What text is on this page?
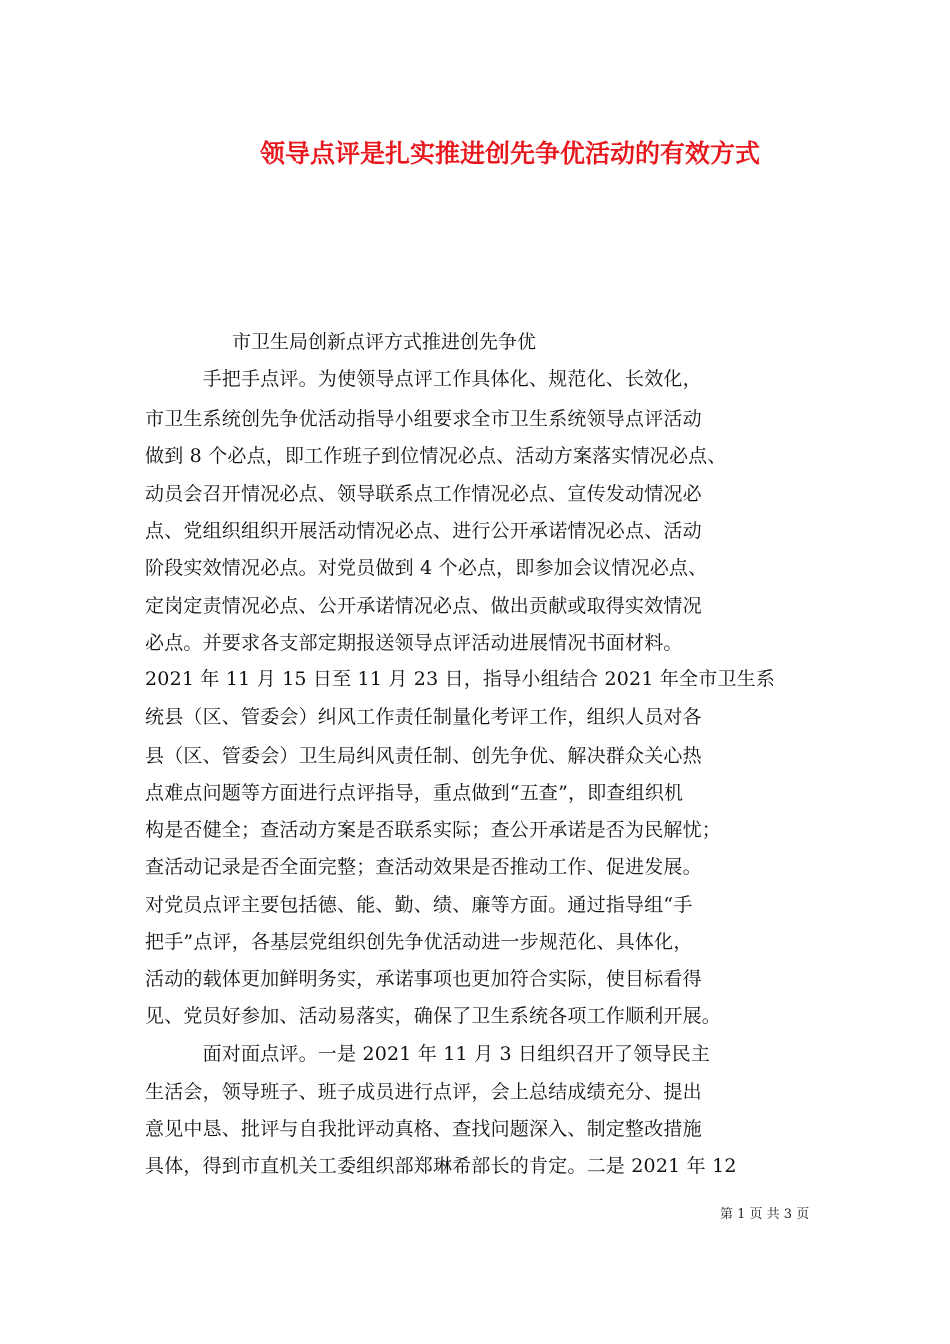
领导点评是扎实推进创先争优活动的有效方式
市卫生局创新点评方式推进创先争优
　　　手把手点评。为使领导点评工作具体化、规范化、长效化，
市卫生系统创先争优活动指导小组要求全市卫生系统领导点评活动
做到 8 个必点，即工作班子到位情况必点、活动方案落实情况必点、
动员会召开情况必点、领导联系点工作情况必点、宣传发动情况必
点、党组织组织开展活动情况必点、进行公开承诺情况必点、活动
阶段实效情况必点。对党员做到 4 个必点，即参加会议情况必点、
定岗定责情况必点、公开承诺情况必点、做出贡献或取得实效情况
必点。并要求各支部定期报送领导点评活动进展情况书面材料。
2021 年 11 月 15 日至 11 月 23 日，指导小组结合 2021 年全市卫生系
统县（区、管委会）纠风工作责任制量化考评工作，组织人员对各
县（区、管委会）卫生局纠风责任制、创先争优、解决群众关心热
点难点问题等方面进行点评指导，重点做到“五查”，即查组织机
构是否健全；查活动方案是否联系实际；查公开承诺是否为民解忧；
查活动记录是否全面完整；查活动效果是否推动工作、促进发展。
对党员点评主要包括德、能、勤、绩、廉等方面。通过指导组“手
把手”点评，各基层党组织创先争优活动进一步规范化、具体化，
活动的载体更加鲜明务实，承诺事项也更加符合实际，使目标看得
见、党员好参加、活动易落实，确保了卫生系统各项工作顺利开展。
　　　面对面点评。一是 2021 年 11 月 3 日组织召开了领导民主
生活会，领导班子、班子成员进行点评，会上总结成绩充分、提出
意见中恳、批评与自我批评动真格、查找问题深入、制定整改措施
具体，得到市直机关工委组织部郑琳希部长的肯定。二是 2021 年 12
第 1 页 共 3 页
